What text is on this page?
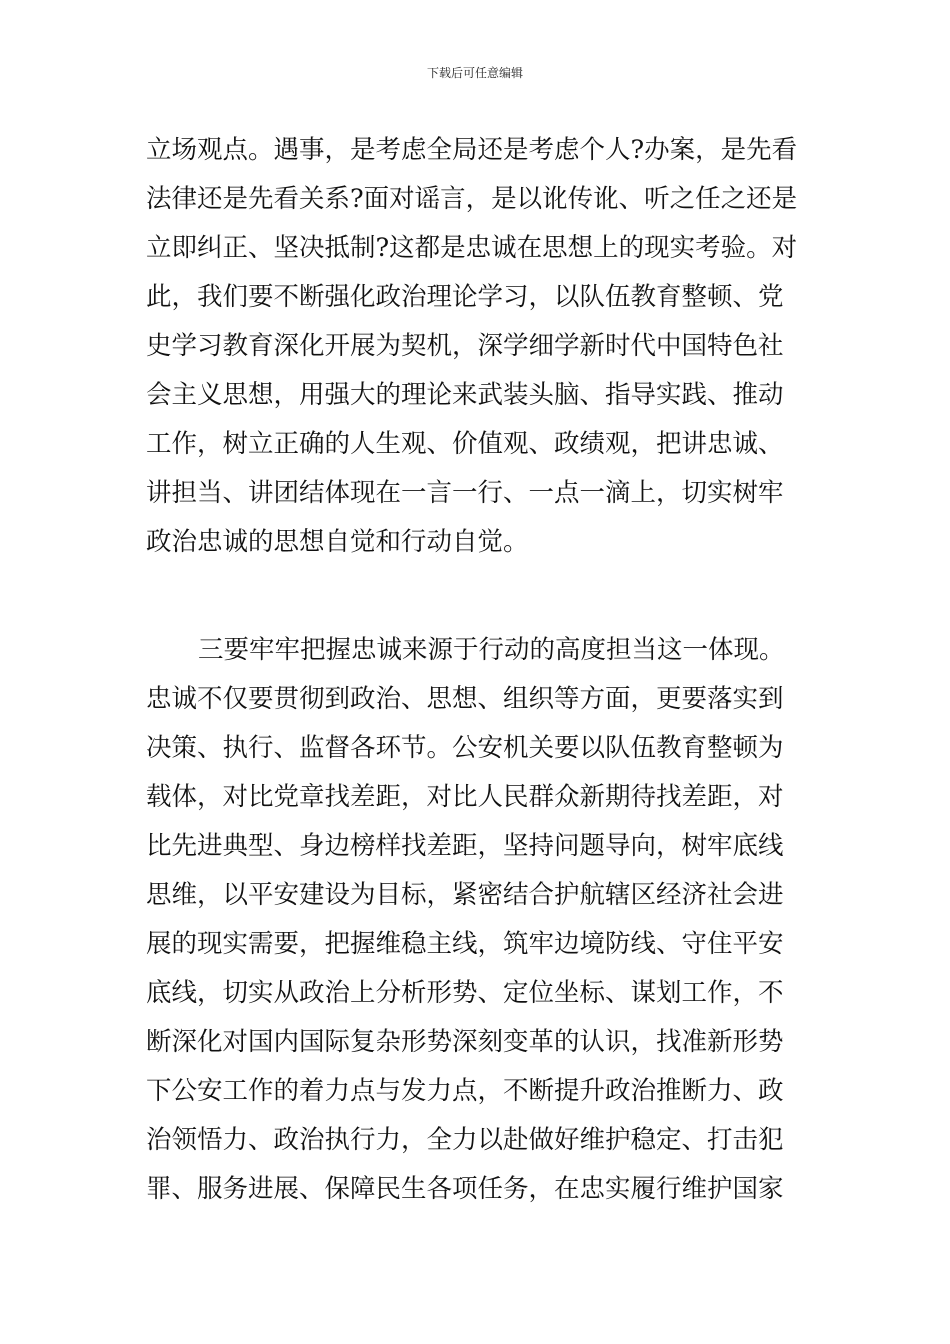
下载后可任意编辑
立场观点。遇事，是考虑全局还是考虑个人?办案，是先看
法律还是先看关系?面对谣言，是以讹传讹、听之任之还是
立即纠正、坚决抵制?这都是忠诚在思想上的现实考验。对
此，我们要不断强化政治理论学习，以队伍教育整顿、党
史学习教育深化开展为契机，深学细学新时代中国特色社
会主义思想，用强大的理论来武装头脑、指导实践、推动
工作，树立正确的人生观、价值观、政绩观，把讲忠诚、
讲担当、讲团结体现在一言一行、一点一滴上，切实树牢
政治忠诚的思想自觉和行动自觉。
三要牢牢把握忠诚来源于行动的高度担当这一体现。
忠诚不仅要贯彻到政治、思想、组织等方面，更要落实到
决策、执行、监督各环节。公安机关要以队伍教育整顿为
载体，对比党章找差距，对比人民群众新期待找差距，对
比先进典型、身边榜样找差距，坚持问题导向，树牢底线
思维，以平安建设为目标，紧密结合护航辖区经济社会进
展的现实需要，把握维稳主线，筑牢边境防线、守住平安
底线，切实从政治上分析形势、定位坐标、谋划工作，不
断深化对国内国际复杂形势深刻变革的认识，找准新形势
下公安工作的着力点与发力点，不断提升政治推断力、政
治领悟力、政治执行力，全力以赴做好维护稳定、打击犯
罪、服务进展、保障民生各项任务，在忠实履行维护国家
